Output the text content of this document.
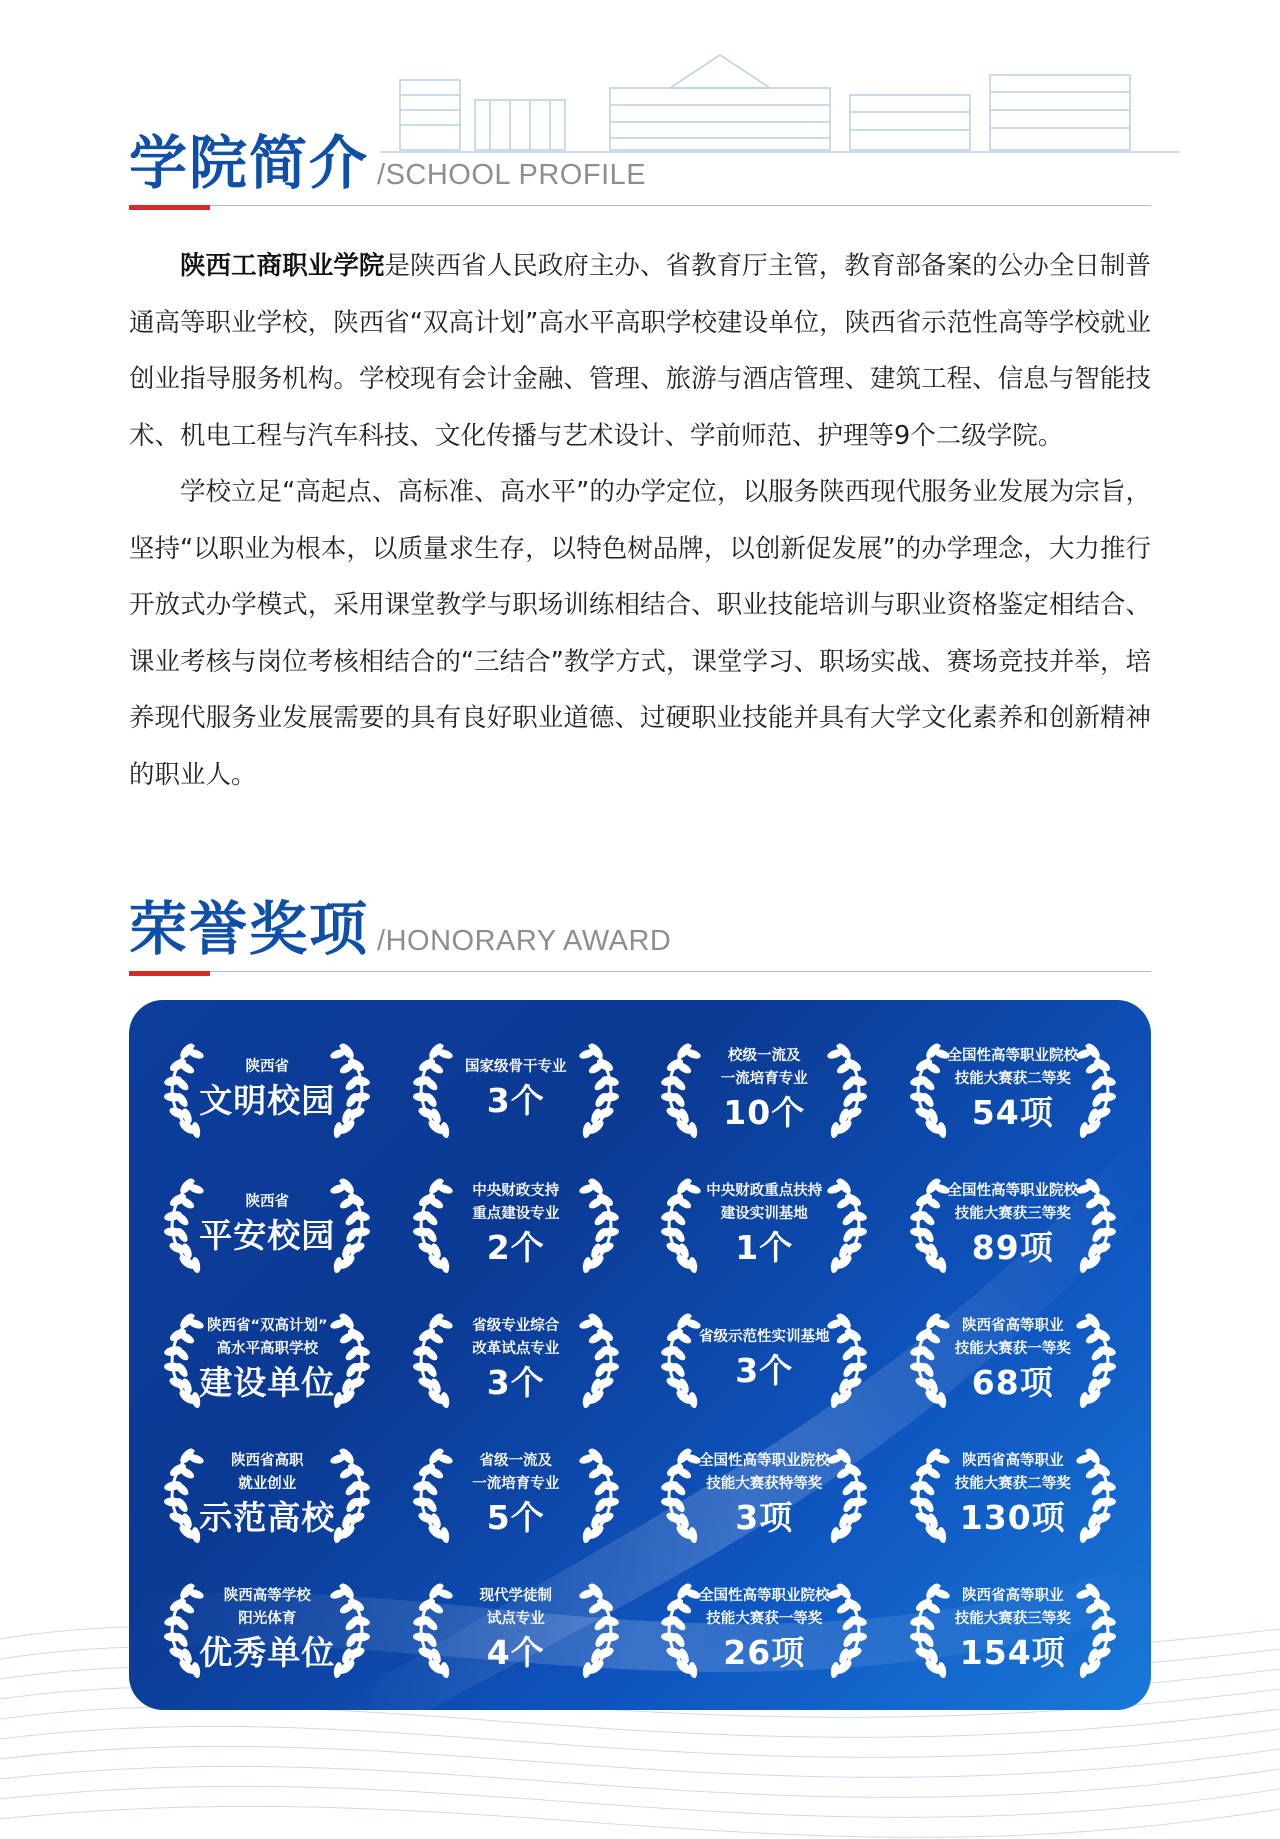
学院简介 /SCHOOL PROFILE

陕西工商职业学院是陕西省人民政府主办、省教育厅主管，教育部备案的公办全日制普通高等职业学校，陕西省“双高计划”高水平高职学校建设单位，陕西省示范性高等学校就业创业指导服务机构。学校现有会计金融、管理、旅游与酒店管理、建筑工程、信息与智能技术、机电工程与汽车科技、文化传播与艺术设计、学前师范、护理等9个二级学院。

学校立足“高起点、高标准、高水平”的办学定位，以服务陕西现代服务业发展为宗旨，坚持“以职业为根本，以质量求生存，以特色树品牌，以创新促发展”的办学理念，大力推行开放式办学模式，采用课堂教学与职场训练相结合、职业技能培训与职业资格鉴定相结合、课业考核与岗位考核相结合的“三结合”教学方式，课堂学习、职场实战、赛场竞技并举，培养现代服务业发展需要的具有良好职业道德、过硬职业技能并具有大学文化素养和创新精神的职业人。

荣誉奖项 /HONORARY AWARD
陕西省
文明校园
国家级骨干专业
3个
校级一流及
一流培育专业
10个
全国性高等职业院校
技能大赛获二等奖
54项
陕西省
平安校园
中央财政支持
重点建设专业
2个
中央财政重点扶持
建设实训基地
1个
全国性高等职业院校
技能大赛获三等奖
89项
陕西省“双高计划”
高水平高职学校
建设单位
省级专业综合
改革试点专业
3个
省级示范性实训基地
3个
陕西省高等职业
技能大赛获一等奖
68项
陕西省高职
就业创业
示范高校
省级一流及
一流培育专业
5个
全国性高等职业院校
技能大赛获特等奖
3项
陕西省高等职业
技能大赛获二等奖
130项
陕西高等学校
阳光体育
优秀单位
现代学徒制
试点专业
4个
全国性高等职业院校
技能大赛获一等奖
26项
陕西省高等职业
技能大赛获三等奖
154项
